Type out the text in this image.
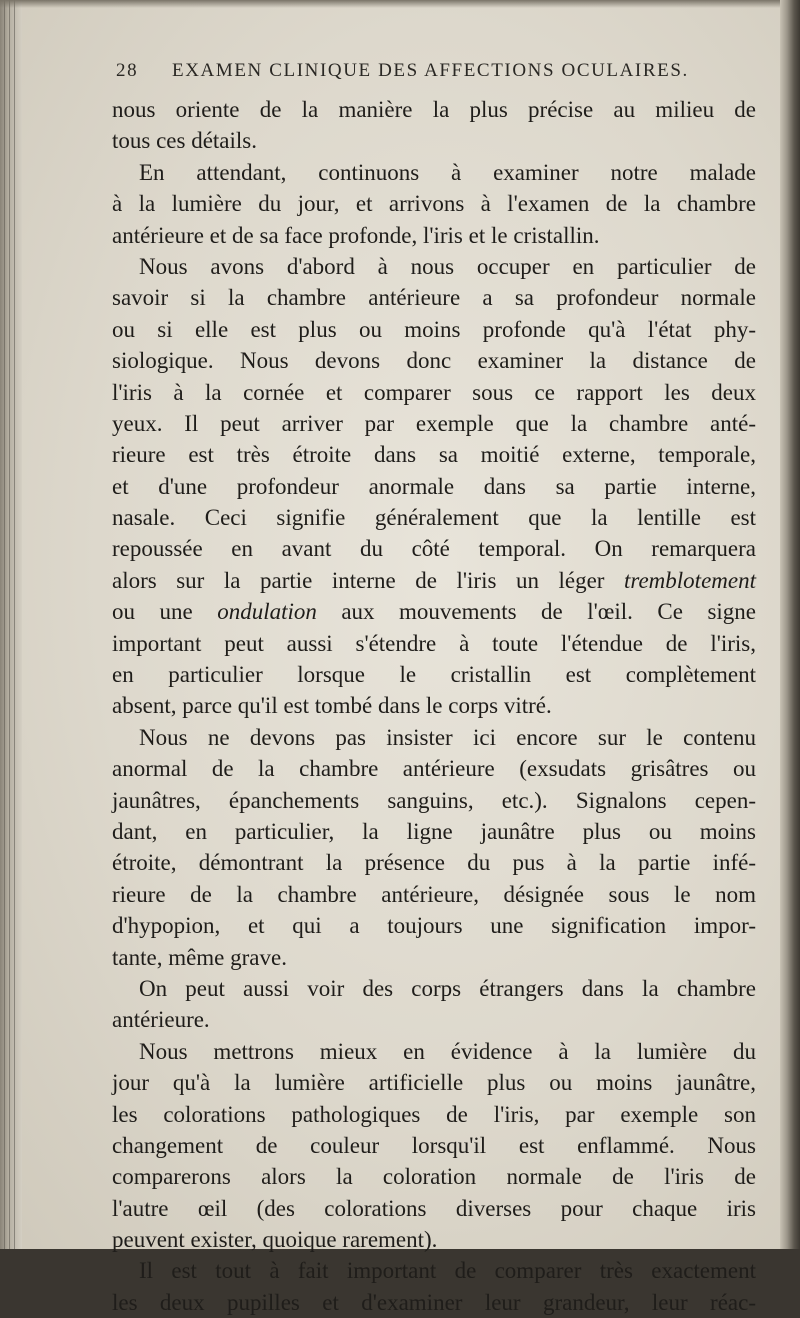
28 EXAMEN CLINIQUE DES AFFECTIONS OCULAIRES.
nous oriente de la manière la plus précise au milieu de
tous ces détails.
En attendant, continuons à examiner notre malade
à la lumière du jour, et arrivons à l'examen de la chambre
antérieure et de sa face profonde, l'iris et le cristallin.
Nous avons d'abord à nous occuper en particulier de
savoir si la chambre antérieure a sa profondeur normale
ou si elle est plus ou moins profonde qu'à l'état phy-
siologique. Nous devons donc examiner la distance de
l'iris à la cornée et comparer sous ce rapport les deux
yeux. Il peut arriver par exemple que la chambre anté-
rieure est très étroite dans sa moitié externe, temporale,
et d'une profondeur anormale dans sa partie interne,
nasale. Ceci signifie généralement que la lentille est
repoussée en avant du côté temporal. On remarquera
alors sur la partie interne de l'iris un léger tremblotement
ou une ondulation aux mouvements de l'œil. Ce signe
important peut aussi s'étendre à toute l'étendue de l'iris,
en particulier lorsque le cristallin est complètement
absent, parce qu'il est tombé dans le corps vitré.
Nous ne devons pas insister ici encore sur le contenu
anormal de la chambre antérieure (exsudats grisâtres ou
jaunâtres, épanchements sanguins, etc.). Signalons cepen-
dant, en particulier, la ligne jaunâtre plus ou moins
étroite, démontrant la présence du pus à la partie infé-
rieure de la chambre antérieure, désignée sous le nom
d'hypopion, et qui a toujours une signification impor-
tante, même grave.
On peut aussi voir des corps étrangers dans la chambre
antérieure.
Nous mettrons mieux en évidence à la lumière du
jour qu'à la lumière artificielle plus ou moins jaunâtre,
les colorations pathologiques de l'iris, par exemple son
changement de couleur lorsqu'il est enflammé. Nous
comparerons alors la coloration normale de l'iris de
l'autre œil (des colorations diverses pour chaque iris
peuvent exister, quoique rarement).
Il est tout à fait important de comparer très exactement
les deux pupilles et d'examiner leur grandeur, leur réac-
